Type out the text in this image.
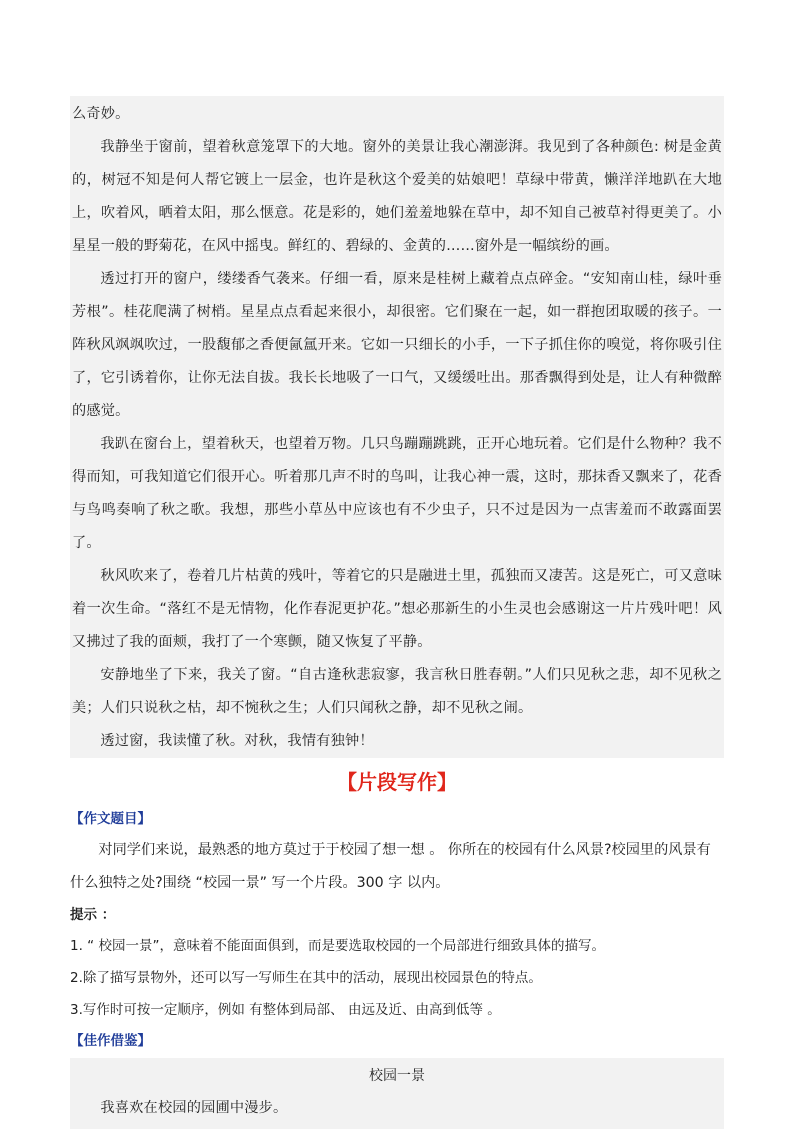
么奇妙。

我静坐于窗前，望着秋意笼罩下的大地。窗外的美景让我心潮澎湃。我见到了各种颜色: 树是金黄的，树冠不知是何人帮它镀上一层金，也许是秋这个爱美的姑娘吧！草绿中带黄，懒洋洋地趴在大地上，吹着风，晒着太阳，那么惬意。花是彩的，她们羞羞地躲在草中，却不知自己被草衬得更美了。小星星一般的野菊花，在风中摇曳。鲜红的、碧绿的、金黄的……窗外是一幅缤纷的画。

透过打开的窗户，缕缕香气袭来。仔细一看，原来是桂树上藏着点点碎金。“安知南山桂，绿叶垂芳根”。桂花爬满了树梢。星星点点看起来很小，却很密。它们聚在一起，如一群抱团取暖的孩子。一阵秋风飒飒吹过，一股馥郁之香便氤氲开来。它如一只细长的小手，一下子抓住你的嗅觉，将你吸引住了，它引诱着你，让你无法自拔。我长长地吸了一口气，又缓缓吐出。那香飘得到处是，让人有种微醉的感觉。

我趴在窗台上，望着秋天，也望着万物。几只鸟蹦蹦跳跳，正开心地玩着。它们是什么物种？我不得而知，可我知道它们很开心。听着那几声不时的鸟叫，让我心神一震，这时，那抹香又飘来了，花香与鸟鸣奏响了秋之歌。我想，那些小草丛中应该也有不少虫子，只不过是因为一点害羞而不敢露面罢了。

秋风吹来了，卷着几片枯黄的残叶，等着它的只是融进土里，孤独而又凄苦。这是死亡，可又意味着一次生命。“落红不是无情物，化作春泥更护花。”想必那新生的小生灵也会感谢这一片片残叶吧！风又拂过了我的面颊，我打了一个寒颤，随又恢复了平静。

安静地坐了下来，我关了窗。“自古逢秋悲寂寥，我言秋日胜春朝。”人们只见秋之悲，却不见秋之美；人们只说秋之枯，却不惋秋之生；人们只闻秋之静，却不见秋之闹。

透过窗，我读懂了秋。对秋，我情有独钟！

【片段写作】

【作文题目】

对同学们来说，最熟悉的地方莫过于于校园了想一想 。 你所在的校园有什么风景?校园里的风景有什么独特之处?围绕 “校园一景” 写一个片段。300 字 以内。

提示 ：

1. “ 校园一景”，意味着不能面面俱到，而是要选取校园的一个局部进行细致具体的描写。

2.除了描写景物外，还可以写一写师生在其中的活动，展现出校园景色的特点。

3.写作时可按一定顺序，例如 有整体到局部、 由远及近、由高到低等 。

【佳作借鉴】

校园一景

我喜欢在校园的园圃中漫步。
